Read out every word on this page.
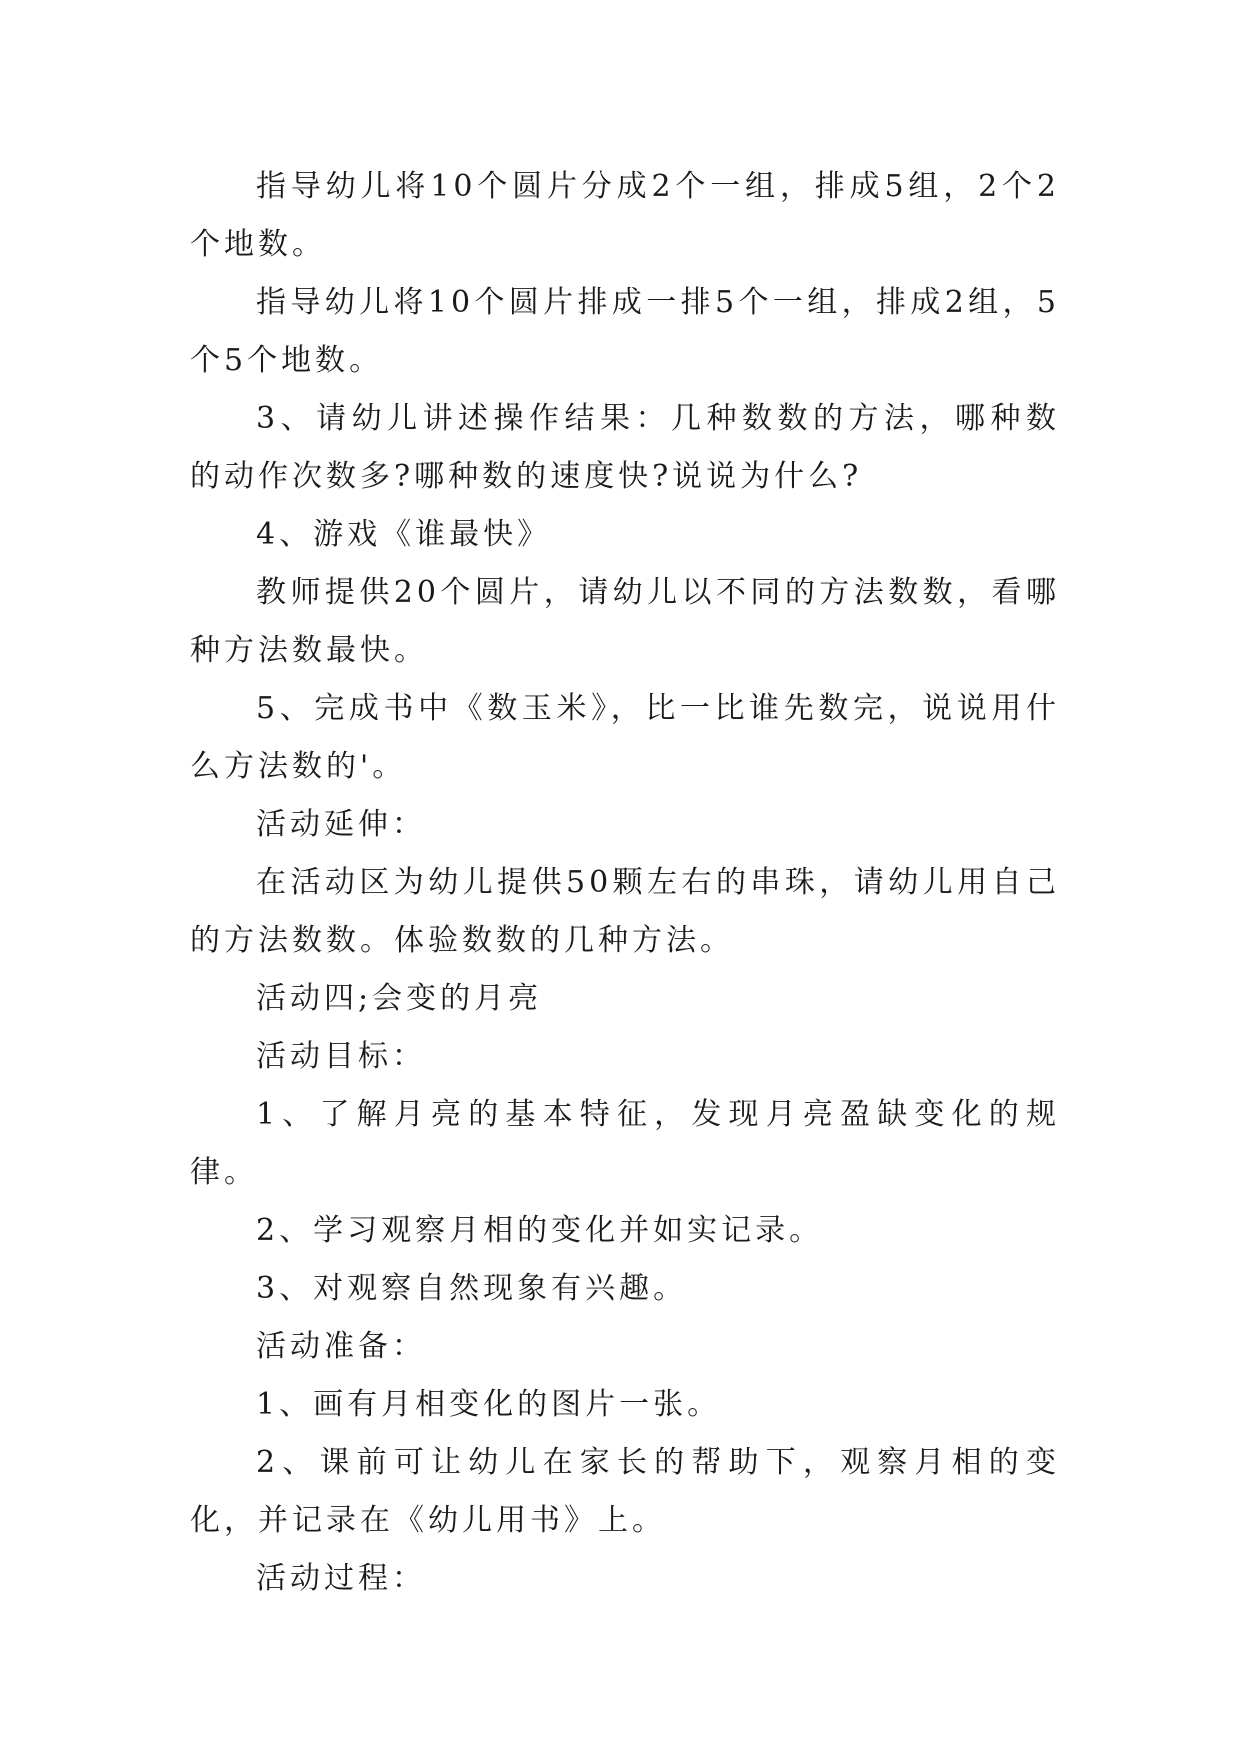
指导幼儿将10个圆片分成2个一组，排成5组，2个2个地数。

指导幼儿将10个圆片排成一排5个一组，排成2组，5个5个地数。

3、请幼儿讲述操作结果：几种数数的方法，哪种数的动作次数多?哪种数的速度快?说说为什么?

4、游戏《谁最快》

教师提供20个圆片，请幼儿以不同的方法数数，看哪种方法数最快。

5、完成书中《数玉米》，比一比谁先数完，说说用什么方法数的'。

活动延伸：

在活动区为幼儿提供50颗左右的串珠，请幼儿用自己的方法数数。体验数数的几种方法。

活动四;会变的月亮

活动目标：

1、了解月亮的基本特征，发现月亮盈缺变化的规律。

2、学习观察月相的变化并如实记录。

3、对观察自然现象有兴趣。

活动准备：

1、画有月相变化的图片一张。

2、课前可让幼儿在家长的帮助下，观察月相的变化，并记录在《幼儿用书》上。

活动过程：
